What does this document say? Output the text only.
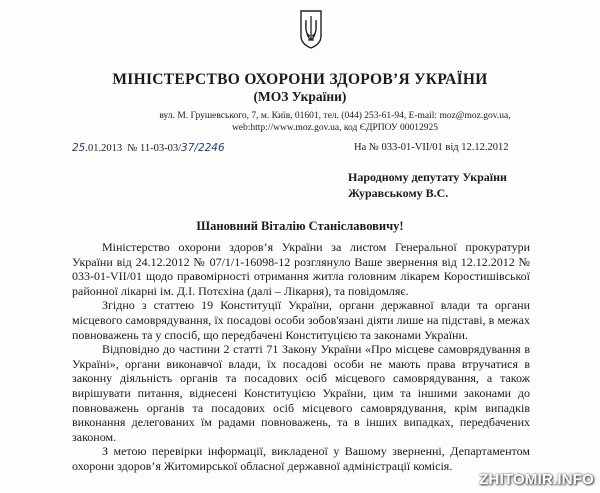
МІНІСТЕРСТВО ОХОРОНИ ЗДОРОВ’Я УКРАЇНИ
(МОЗ України)
вул. М. Грушевського, 7, м. Київ, 01601, тел. (044) 253-61-94, E-mail: moz@moz.gov.ua,
web:http://www.moz.gov.ua, код ЄДРПОУ 00012925
25.01.2013 № 11-03-03/37/2246	На № 033-01-VII/01 від 12.12.2012
Народному депутату України
Журавському В.С.
Шановний Віталію Станіславовичу!

Міністерство охорони здоров’я України за листом Генеральної прокуратури України від 24.12.2012 № 07/1/1-16098-12 розглянуло Ваше звернення від 12.12.2012 № 033-01-VII/01 щодо правомірності отримання житла головним лікарем Коростишівської районної лікарні ім. Д.І. Потєхіна (далі – Лікарня), та повідомляє.

Згідно з статтею 19 Конституції України, органи державної влади та органи місцевого самоврядування, їх посадові особи зобов'язані діяти лише на підставі, в межах повноважень та у спосіб, що передбачені Конституцією та законами України.

Відповідно до частини 2 статті 71 Закону України «Про місцеве самоврядування в Україні», органи виконавчої влади, їх посадові особи не мають права втручатися в законну діяльність органів та посадових осіб місцевого самоврядування, а також вирішувати питання, віднесені Конституцією України, цим та іншими законами до повноважень органів та посадових осіб місцевого самоврядування, крім випадків виконання делегованих їм радами повноважень, та в інших випадках, передбачених законом.

З метою перевірки інформації, викладеної у Вашому зверненні, Департаментом охорони здоров’я Житомирської обласної державної адміністрації комісія.

ZHITOMIR.INFO
